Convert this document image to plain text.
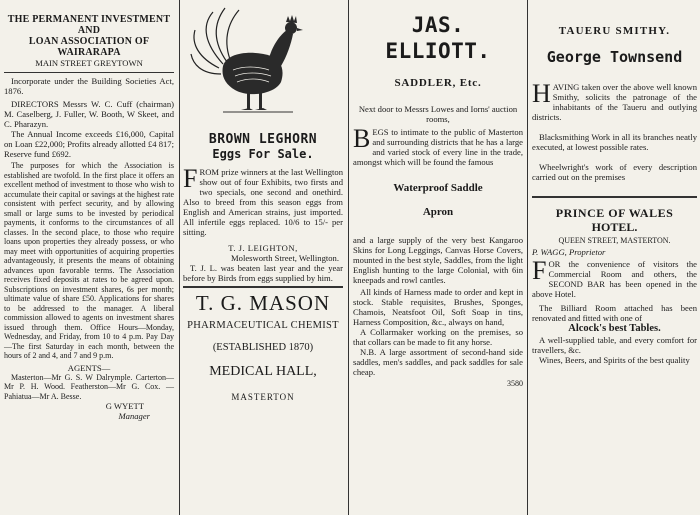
THE PERMANENT INVESTMENT AND
LOAN ASSOCIATION OF WAIRARAPA
MAIN STREET GREYTOWN

Incorporate under the Building Societies Act, 1876.

DIRECTORS Messrs W. C. Cuff (chairman) M. Caselberg, J. Fuller, W. Booth, W Skeet, and C. Pharazyn.

The Annual Income exceeds £16,000, Capital on Loan £22,000; Profits already allotted £4 817; Reserve fund £692.

The purposes for which the Association is established are twofold. In the first place it offers an excellent method of investment to those who wish to accumulate their capital or savings at the highest rate consistent with perfect security, and by allowing small or large sums to be invested by periodical payments, it conforms to the circumstances of all classes. In the second place, to those who require loans upon properties they already possess, or who may meet with opportunities of acquiring properties advantageously, it presents the means of obtaining advances upon favorable terms. The Association receives fixed deposits at rates to be agreed upon. Subscriptions on investment shares, 6s per month; ultimate value of share £50. Applications for shares to be addressed to the manager. A liberal commission allowed to agents on investment shares issued through them. Office Hours—Monday, Wednesday, and Friday, from 10 to 4 p.m. Pay Day—The first Saturday in each month, between the hours of 2 and 4, and 7 and 9 p.m.

AGENTS—

Masterton—Mr G. S. W Dalrymple. Carterton—Mr P. H. Wood. Featherston—Mr G. Cox. —Pahiatua—Mr A. Besse.

G WYETT

Manager

BROWN LEGHORN
Eggs For Sale.

FROM prize winners at the last Wellington show out of four Exhibits, two firsts and two specials, one second and onethird. Also to breed from this season eggs from English and American strains, just imported. All infertile eggs replaced. 10/6 to 15/- per sitting.

T. J. LEIGHTON,

Molesworth Street, Wellington.

T. J. L. was beaten last year and the year before by Birds from eggs supplied by him.

T. G. MASON
PHARMACEUTICAL CHEMIST
(ESTABLISHED 1870)
MEDICAL HALL,
MASTERTON
JAS. ELLIOTT.
SADDLER, Etc.

Next door to Messrs Lowes and Iorns' auction rooms,

BEGS to intimate to the public of Masterton and surrounding districts that he has a large and varied stock of every line in the trade, amongst which will be found the famous

Waterproof Saddle
Apron

and a large supply of the very best Kangaroo Skins for Long Leggings, Canvas Horse Covers, mounted in the best style, Saddles, from the light English hunting to the large Colonial, with 6in kneepads and rowl cantles.

All kinds of Harness made to order and kept in stock. Stable requisites, Brushes, Sponges, Chamois, Neatsfoot Oil, Soft Soap in tins, Harness Composition, &c., always on hand,

A Collarmaker working on the premises, so that collars can be made to fit any horse.

N.B. A large assortment of second-hand side saddles, men's saddles, and pack saddles for sale cheap.

3580

TAUERU SMITHY.
George Townsend

HAVING taken over the above well known Smithy, solicits the patronage of the inhabitants of the Taueru and outlying districts.

Blacksmithing Work in all its branches neatly executed, at lowest possible rates.

Wheelwright's work of every description carried out on the premises

PRINCE OF WALES
HOTEL.

QUEEN STREET, MASTERTON.

P. WAGG, Proprietor

FOR the convenience of visitors the Commercial Room and others, the SECOND BAR has been opened in the above Hotel.

The Billiard Room attached has been renovated and fitted with one of

Alcock's best Tables.

A well-supplied table, and every comfort for travellers, &c.

Wines, Beers, and Spirits of the best quality
